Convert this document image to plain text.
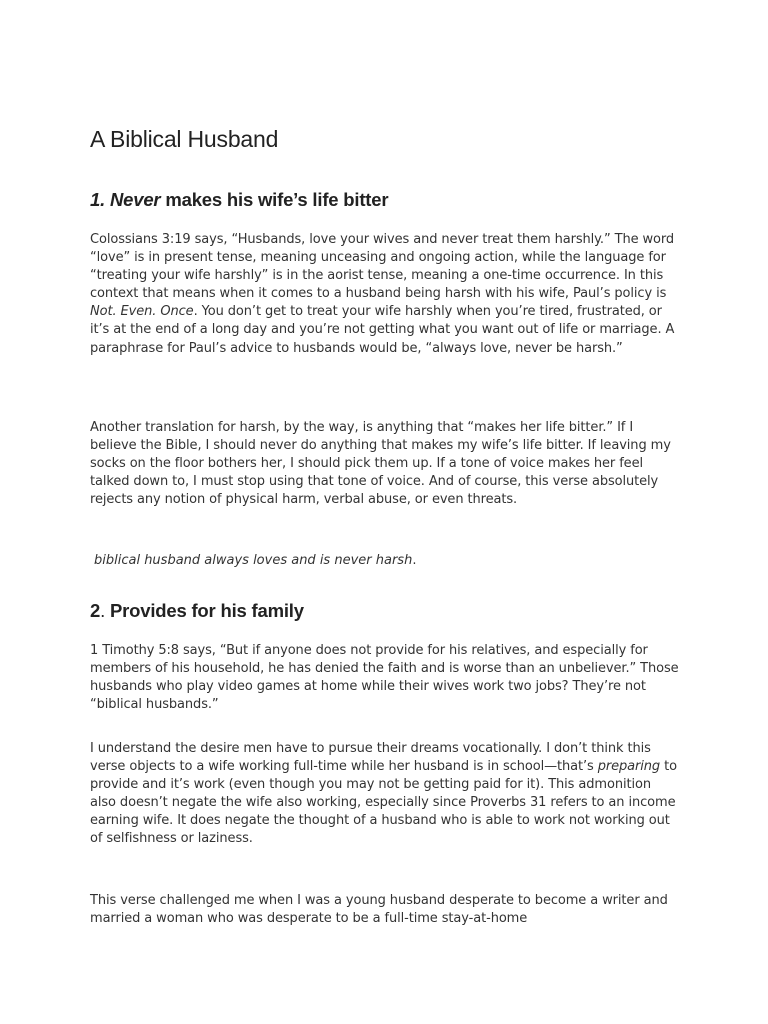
A Biblical Husband
1. Never makes his wife’s life bitter

Colossians 3:19 says, “Husbands, love your wives and never treat them harshly.” The word “love” is in present tense, meaning unceasing and ongoing action, while the language for “treating your wife harshly” is in the aorist tense, meaning a one-time occurrence. In this context that means when it comes to a husband being harsh with his wife, Paul’s policy is Not. Even. Once. You don’t get to treat your wife harshly when you’re tired, frustrated, or it’s at the end of a long day and you’re not getting what you want out of life or marriage. A paraphrase for Paul’s advice to husbands would be, “always love, never be harsh.”

Another translation for harsh, by the way, is anything that “makes her life bitter.” If I believe the Bible, I should never do anything that makes my wife’s life bitter. If leaving my socks on the floor bothers her, I should pick them up. If a tone of voice makes her feel talked down to, I must stop using that tone of voice. And of course, this verse absolutely rejects any notion of physical harm, verbal abuse, or even threats.

biblical husband always loves and is never harsh.

2. Provides for his family

1 Timothy 5:8 says, “But if anyone does not provide for his relatives, and especially for members of his household, he has denied the faith and is worse than an unbeliever.” Those husbands who play video games at home while their wives work two jobs? They’re not “biblical husbands.”

I understand the desire men have to pursue their dreams vocationally. I don’t think this verse objects to a wife working full-time while her husband is in school—that’s preparing to provide and it’s work (even though you may not be getting paid for it). This admonition also doesn’t negate the wife also working, especially since Proverbs 31 refers to an income earning wife. It does negate the thought of a husband who is able to work not working out of selfishness or laziness.

This verse challenged me when I was a young husband desperate to become a writer and married a woman who was desperate to be a full-time stay-at-home
